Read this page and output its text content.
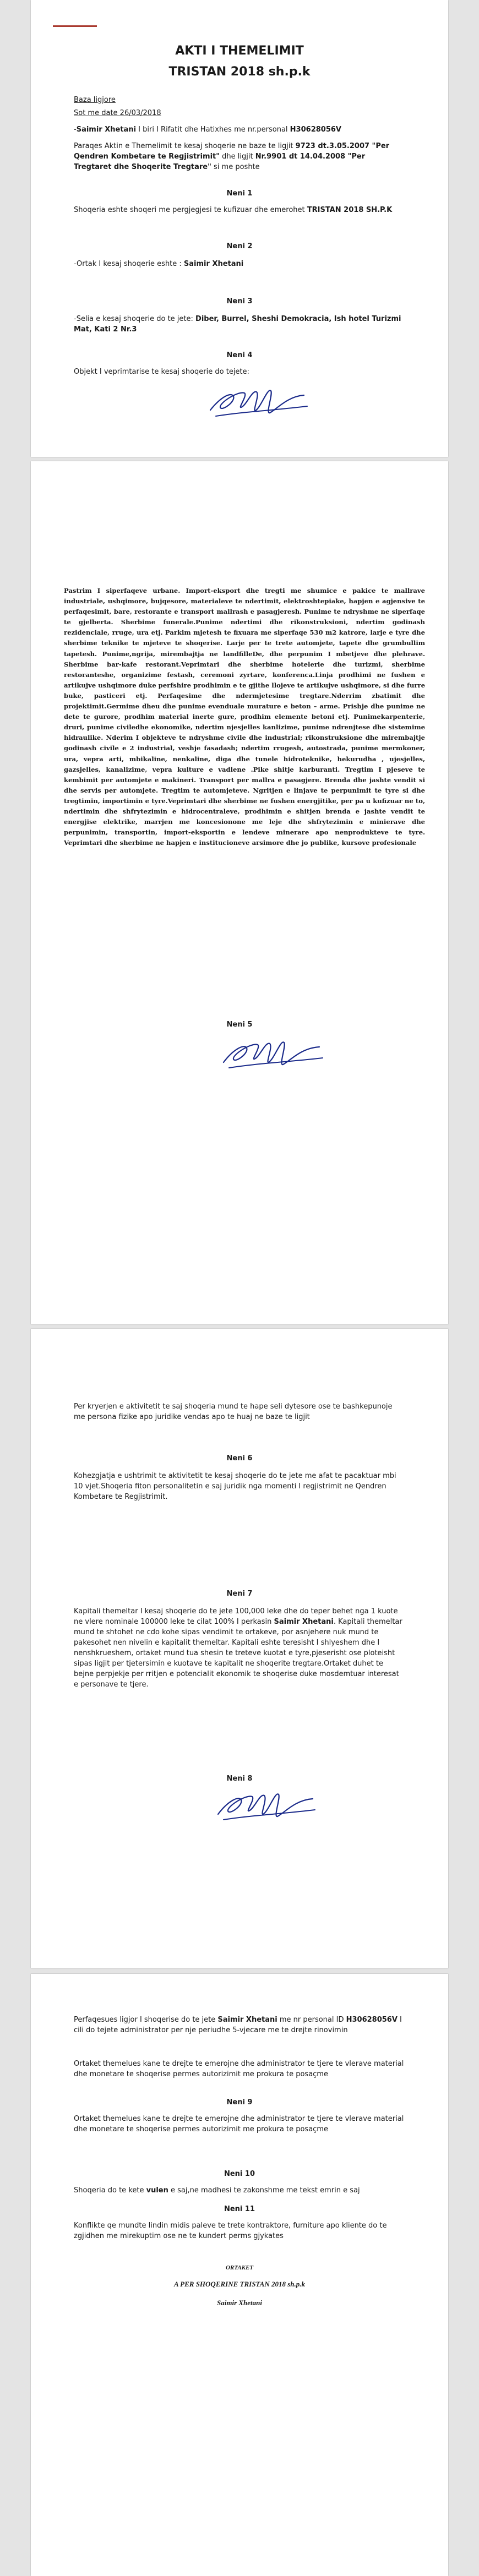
AKTI I THEMELIMIT
TRISTAN 2018 sh.p.k
Baza ligjore
Sot me date 26/03/2018
-Saimir Xhetani I biri I Rifatit dhe Hatixhes me nr.personal H30628056V
Paraqes Aktin e Themelimit te kesaj shoqerie ne baze te ligjit 9723 dt.3.05.2007 "Per Qendren Kombetare te Regjistrimit" dhe ligjit Nr.9901 dt 14.04.2008 "Per Tregtaret dhe Shoqerite Tregtare" si me poshte
Neni 1
Shoqeria eshte shoqeri me pergjegjesi te kufizuar dhe emerohet TRISTAN 2018 SH.P.K
Neni 2
-Ortak I kesaj shoqerie eshte : Saimir Xhetani
Neni 3
-Selia e kesaj shoqerie do te jete: Diber, Burrel, Sheshi Demokracia, Ish hotel Turizmi Mat, Kati 2 Nr.3
Neni 4
Objekt I veprimtarise te kesaj shoqerie do tejete:
Pastrim I siperfaqeve urbane. Import-eksport dhe tregti me shumice e pakice te mallrave industriale, ushqimore, bujqesore, materialeve te ndertimit, elektroshtepiake, hapjen e agjensive te perfaqesimit, bare, restorante e transport mallrash e pasagjeresh. Punime te ndryshme ne siperfaqe te gjelberta. Sherbime funerale.Punime ndertimi dhe rikonstruksioni, ndertim godinash rezidenciale, rruge, ura etj. Parkim mjetesh te fixuara me siperfaqe 530 m2 katrore, larje e tyre dhe sherbime teknike te mjeteve te shoqerise. Larje per te trete automjete, tapete dhe grumbullim tapetesh. Punime,ngrija, mirembajtja ne landfilleDe, dhe perpunim I mbetjeve dhe plehrave. Sherbime bar-kafe restorant.Veprimtari dhe sherbime hotelerie dhe turizmi, sherbime restoranteshe, organizime festash, ceremoni zyrtare, konferenca.Linja prodhimi ne fushen e artikujve ushqimore duke perfshire prodhimin e te gjithe llojeve te artikujve ushqimore, si dhe furre buke, pasticeri etj. Perfaqesime dhe ndermjetesime tregtare.Nderrim zbatimit dhe projektimit.Germime dheu dhe punime evenduale murature e beton – arme. Prishje dhe punime ne dete te gurore, prodhim material inerte gure, prodhim elemente betoni etj. Punimekarpenterie, druri, punime civiledhe ekonomike, ndertim njesjelles kanlizime, punime ndrenjtese dhe sistemime hidraulike. Nderim I objekteve te ndryshme civile dhe industrial; rikonstruksione dhe mirembajtje godinash civile e 2 industrial, veshje fasadash; ndertim rrugesh, autostrada, punime mermkoner, ura, vepra arti, mbikaline, nenkaline, diga dhe tunele hidroteknike, hekurudha , ujesjelles, gazsjelles, kanalizime, vepra kulture e vadlene .Pike shitje karburanti. Tregtim I pjeseve te kembimit per automjete e makineri. Transport per mallra e pasagjere. Brenda dhe jashte vendit si dhe servis per automjete. Tregtim te automjeteve. Ngritjen e linjave te perpunimit te tyre si dhe tregtimin, importimin e tyre.Veprimtari dhe sherbime ne fushen energjitike, per pa u kufizuar ne to, ndertimin dhe shfrytezimin e hidrocentraleve, prodhimin e shitjen brenda e jashte vendit te energjise elektrike, marrjen me koncesionone me leje dhe shfrytezimin e minierave dhe perpunimin, transportin, import-eksportin e lendeve minerare apo nenprodukteve te tyre. Veprimtari dhe sherbime ne hapjen e institucioneve arsimore dhe jo publike, kursove profesionale
Neni 5
Per kryerjen e aktivitetit te saj shoqeria mund te hape seli dytesore ose te bashkepunoje me persona fizike apo juridike vendas apo te huaj ne baze te ligjit
Neni 6
Kohezgjatja e ushtrimit te aktivitetit te kesaj shoqerie do te jete me afat te pacaktuar mbi 10 vjet.Shoqeria fiton personalitetin e saj juridik nga momenti I regjistrimit ne Qendren Kombetare te Regjistrimit.
Neni 7
Kapitali themeltar I kesaj shoqerie do te jete 100,000 leke dhe do teper behet nga 1 kuote ne vlere nominale 100000 leke te cilat 100% I perkasin Saimir Xhetani. Kapitali themeltar mund te shtohet ne cdo kohe sipas vendimit te ortakeve, por asnjehere nuk mund te pakesohet nen nivelin e kapitalit themeltar. Kapitali eshte teresisht I shlyeshem dhe I nenshkrueshem, ortaket mund tua shesin te treteve kuotat e tyre,pjeserisht ose ploteisht sipas ligjit per tjetersimin e kuotave te kapitalit ne shoqerite tregtare.Ortaket duhet te bejne perpjekje per rritjen e potencialit ekonomik te shoqerise duke mosdemtuar interesat e personave te tjere.
Neni 8
Perfaqesues ligjor I shoqerise do te jete Saimir Xhetani me nr personal ID H30628056V I cili do tejete administrator per nje periudhe 5-vjecare me te drejte rinovimin
Ortaket themelues kane te drejte te emerojne dhe administrator te tjere te vlerave material dhe monetare te shoqerise permes autorizimit me prokura te posaçme
Neni 9
Ortaket themelues kane te drejte te emerojne dhe administrator te tjere te vlerave material dhe monetare te shoqerise permes autorizimit me prokura te posaçme
Neni 10
Shoqeria do te kete vulen e saj,ne madhesi te zakonshme me tekst emrin e saj
Neni 11
Konfliktе qe mundte lindin midis paleve te trete kontraktore, furniture apo kliente do te zgjidhen me mirekuptim ose ne te kundert perms gjykates
ORTAKET
A PER SHOQERINE TRISTAN 2018 sh.p.k
Saimir Xhetani
